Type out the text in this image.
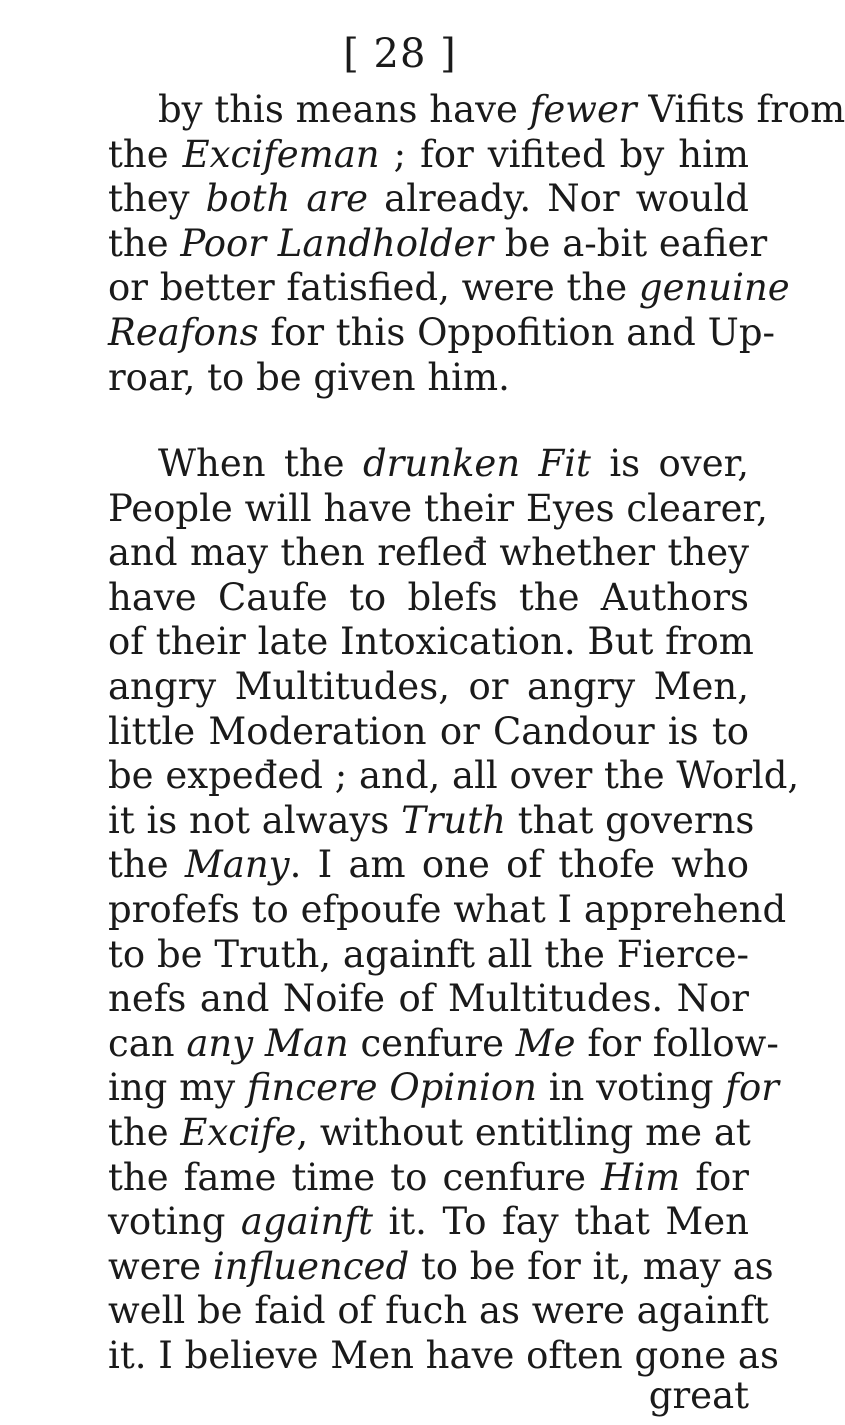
[ 28 ]
by this means have fewer Vifits from
the Excifeman ; for vifited by him
they both are already. Nor would
the Poor Landholder be a-bit eafier
or better fatisfied, were the genuine
Reafons for this Oppofition and Up-
roar, to be given him.
When the drunken Fit is over,
People will have their Eyes clearer,
and may then refleđ whether they
have Caufe to blefs the Authors
of their late Intoxication. But from
angry Multitudes, or angry Men,
little Moderation or Candour is to
be expeđed ; and, all over the World,
it is not always Truth that governs
the Many. I am one of thofe who
profefs to efpoufe what I apprehend
to be Truth, againft all the Fierce-
nefs and Noife of Multitudes. Nor
can any Man cenfure Me for follow-
ing my fincere Opinion in voting for
the Excife, without entitling me at
the fame time to cenfure Him for
voting againft it. To fay that Men
were influenced to be for it, may as
well be faid of fuch as were againft
it. I believe Men have often gone as
great
